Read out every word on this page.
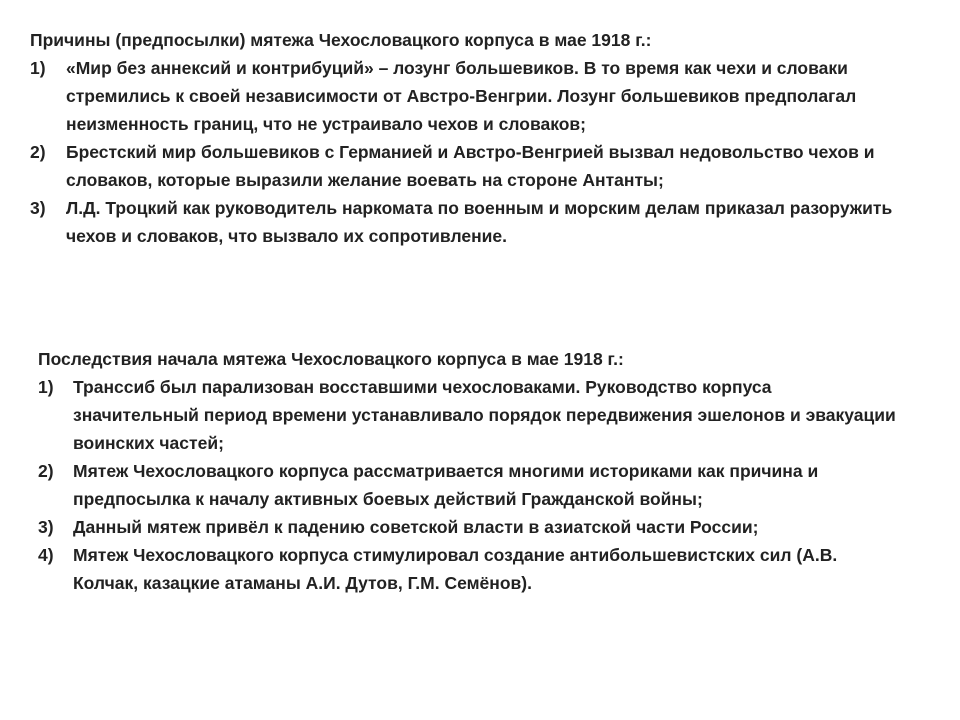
Причины (предпосылки) мятежа Чехословацкого корпуса в мае 1918 г.:
1) «Мир без аннексий и контрибуций» – лозунг большевиков. В то время как чехи и словаки стремились к своей независимости от Австро-Венгрии. Лозунг большевиков предполагал неизменность границ, что не устраивало чехов и словаков;
2) Брестский мир большевиков с Германией и Австро-Венгрией вызвал недовольство чехов и словаков, которые выразили желание воевать на стороне Антанты;
3) Л.Д. Троцкий как руководитель наркомата по военным и морским делам приказал разоружить чехов и словаков, что вызвало их сопротивление.
Последствия начала мятежа Чехословацкого корпуса в мае 1918 г.:
1) Транссиб был парализован восставшими чехословаками. Руководство корпуса значительный период времени устанавливало порядок передвижения эшелонов и эвакуации воинских частей;
2) Мятеж Чехословацкого корпуса рассматривается многими историками как причина и предпосылка к началу активных боевых действий Гражданской войны;
3) Данный мятеж привёл к падению советской власти в азиатской части России;
4) Мятеж Чехословацкого корпуса стимулировал создание антибольшевистских сил (А.В. Колчак, казацкие атаманы А.И. Дутов, Г.М. Семёнов).
